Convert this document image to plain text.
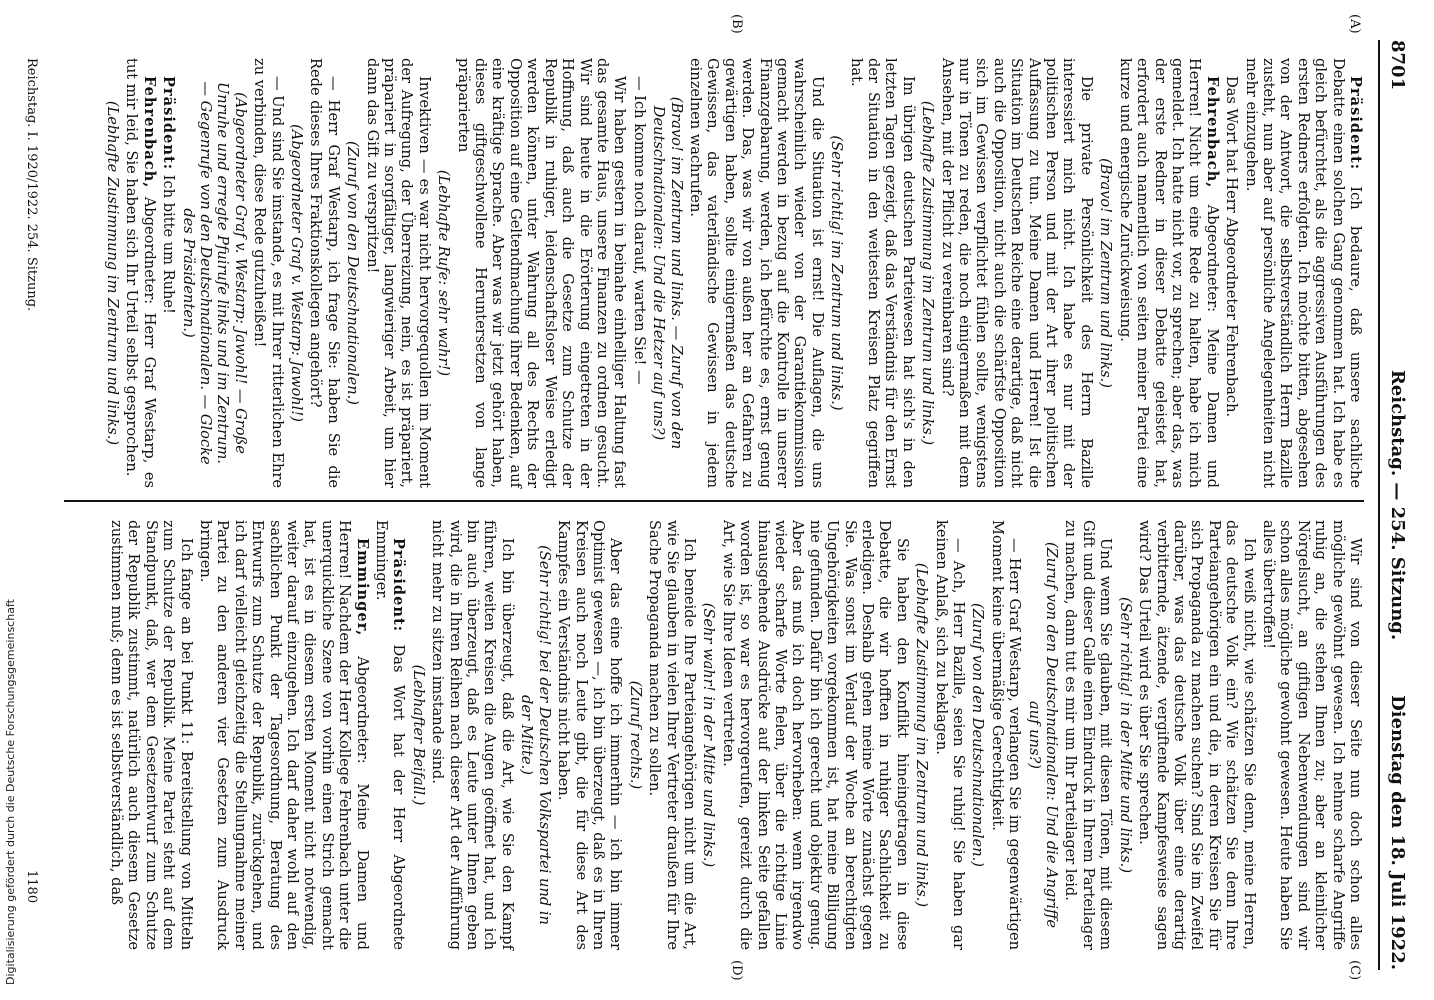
8701
Reichstag. — 254. Sitzung.
Dienstag den 18. Juli 1922.
(A)
(B)
(C)
(D)

Präsident: Ich bedaure, daß unsere sachliche Debatte einen solchen Gang genommen hat. Ich habe es gleich befürchtet, als die aggressiven Ausführungen des ersten Redners erfolgten. Ich möchte bitten, abgesehen von der Antwort, die selbstverständlich Herrn Bazille zusteht, nun aber auf persönliche Angelegenheiten nicht mehr einzugehen.

Das Wort hat Herr Abgeordneter Fehrenbach.

Fehrenbach, Abgeordneter: Meine Damen und Herren! Nicht um eine Rede zu halten, habe ich mich gemeldet. Ich hatte nicht vor, zu sprechen; aber das, was der erste Redner in dieser Debatte geleistet hat, erfordert auch namentlich von seiten meiner Partei eine kurze und energische Zurückweisung.

(Bravo! im Zentrum und links.)

Die private Persönlichkeit des Herrn Bazille interessiert mich nicht. Ich habe es nur mit der politischen Person und mit der Art ihrer politischen Auffassung zu tun. Meine Damen und Herren! Ist die Situation im Deutschen Reiche eine derartige, daß nicht auch die Opposition, nicht auch die schärfste Opposition sich im Gewissen verpflichtet fühlen sollte, wenigstens nur in Tönen zu reden, die noch einigermaßen mit dem Ansehen, mit der Pflicht zu vereinbaren sind?

(Lebhafte Zustimmung im Zentrum und links.)

Im übrigen deutschen Parteiwesen hat sich's in den letzten Tagen gezeigt, daß das Verständnis für den Ernst der Situation in den weitesten Kreisen Platz gegriffen hat.

(Sehr richtig! im Zentrum und links.)

Und die Situation ist ernst! Die Auflagen, die uns wahrscheinlich wieder von der Garantiekommission gemacht werden in bezug auf die Kontrolle in unserer Finanzgebarung, werden, ich befürchte es, ernst genug werden. Das, was wir von außen her an Gefahren zu gewärtigen haben, sollte einigermaßen das deutsche Gewissen, das vaterländische Gewissen in jedem einzelnen wachrufen.

(Bravo! im Zentrum und links. — Zuruf von den Deutschnationalen: Und die Hetzer auf uns?)

— Ich komme noch darauf, warten Sie! —

Wir haben gestern in beinahe einhelliger Haltung fast das gesamte Haus, unsere Finanzen zu ordnen gesucht. Wir sind heute in die Erörterung eingetreten in der Hoffnung, daß auch die Gesetze zum Schutze der Republik in ruhiger, leidenschaftsloser Weise erledigt werden können, unter Wahrung all des Rechts der Opposition auf eine Geltendmachung ihrer Bedenken, auf eine kräftige Sprache. Aber was wir jetzt gehört haben, dieses giftgeschwollene Heruntersetzen von lange präparierten

(Lebhafte Rufe: sehr wahr!)

Invektiven — es war nicht hervorgequollen im Moment der Aufregung, der Überreizung, nein, es ist präpariert, präpariert in sorgfältiger, langwieriger Arbeit, um hier dann das Gift zu verspritzen!

(Zuruf von den Deutschnationalen.)

— Herr Graf Westarp, ich frage Sie: haben Sie die Rede dieses Ihres Fraktionskollegen angehört?

(Abgeordneter Graf v. Westarp: Jawohl!)

— Und sind Sie imstande, es mit Ihrer ritterlichen Ehre zu verbinden, diese Rede gutzuheißen!

(Abgeordneter Graf v. Westarp: Jawohl! — Große Unruhe und erregte Pfuirufe links und im Zentrum. — Gegenrufe von den Deutschnationalen. — Glocke des Präsidenten.)

Präsident: Ich bitte um Ruhe!

Fehrenbach, Abgeordneter: Herr Graf Westarp, es tut mir leid, Sie haben sich Ihr Urteil selbst gesprochen.

(Lebhafte Zustimmung im Zentrum und links.)

Wir sind von dieser Seite nun doch schon alles mögliche gewöhnt gewesen. Ich nehme scharfe Angriffe ruhig an, die stehen Ihnen zu; aber an kleinlicher Nörgelsucht, an giftigen Nebenwendungen sind wir schon alles mögliche gewohnt gewesen. Heute haben Sie alles übertroffen!

Ich weiß nicht, wie schätzen Sie denn, meine Herren, das deutsche Volk ein? Wie schätzen Sie denn Ihre Parteiangehörigen ein und die, in deren Kreisen Sie für sich Propaganda zu machen suchen? Sind Sie im Zweifel darüber, was das deutsche Volk über eine derartig verbitternde, ätzende, vergiftende Kampfesweise sagen wird? Das Urteil wird es über Sie sprechen.

(Sehr richtig! in der Mitte und links.)

Und wenn Sie glauben, mit diesen Tönen, mit diesem Gift und dieser Galle einen Eindruck in Ihrem Parteilager zu machen, dann tut es mir um Ihr Parteilager leid.

(Zuruf von den Deutschnationalen: Und die Angriffe auf uns?)

— Herr Graf Westarp, verlangen Sie im gegenwärtigen Moment keine übermäßige Gerechtigkeit.

(Zuruf von den Deutschnationalen.)

— Ach, Herr Bazille, seien Sie ruhig! Sie haben gar keinen Anlaß, sich zu beklagen.

(Lebhafte Zustimmung im Zentrum und links.)

Sie haben den Konflikt hineingetragen in diese Debatte, die wir hofften in ruhiger Sachlichkeit zu erledigen. Deshalb gehen meine Worte zunächst gegen Sie. Was sonst im Verlauf der Woche an berechtigten Ungehörigkeiten vorgekommen ist, hat meine Billigung nie gefunden. Dafür bin ich gerecht und objektiv genug. Aber das muß ich doch hervorheben: wenn irgendwo wieder scharfe Worte fielen, über die richtige Linie hinausgehende Ausdrücke auf der linken Seite gefallen worden ist, so war es hervorgerufen, gereizt durch die Art, wie Sie Ihre Ideen vertreten.

(Sehr wahr! in der Mitte und links.)

Ich beneide Ihre Parteiangehörigen nicht um die Art, wie Sie glauben in vielen Ihrer Vertreter draußen für Ihre Sache Propaganda machen zu sollen.

(Zuruf rechts.)

Aber das eine hoffe ich immerhin — ich bin immer Optimist gewesen —, ich bin überzeugt, daß es in Ihren Kreisen auch noch Leute gibt, die für diese Art des Kampfes ein Verständnis nicht haben.

(Sehr richtig! bei der Deutschen Volkspartei und in der Mitte.)

Ich bin überzeugt, daß die Art, wie Sie den Kampf führen, weiten Kreisen die Augen geöffnet hat, und ich bin auch überzeugt, daß es Leute unter Ihnen geben wird, die in Ihren Reihen nach dieser Art der Aufführung nicht mehr zu sitzen imstande sind.

(Lebhafter Beifall.)

Präsident: Das Wort hat der Herr Abgeordnete Emminger.

Emminger, Abgeordneter: Meine Damen und Herren! Nachdem der Herr Kollege Fehrenbach unter die unerquickliche Szene von vorhin einen Strich gemacht hat, ist es in diesem ersten Moment nicht notwendig, weiter darauf einzugehen. Ich darf daher wohl auf den sachlichen Punkt der Tagesordnung, Beratung des Entwurfs zum Schutze der Republik, zurückgehen, und ich darf vielleicht gleichzeitig die Stellungnahme meiner Partei zu den anderen vier Gesetzen zum Ausdruck bringen.

Ich fange an bei Punkt 11: Bereitstellung von Mitteln zum Schutze der Republik. Meine Partei steht auf dem Standpunkt, daß, wer dem Gesetzentwurf zum Schutze der Republik zustimmt, natürlich auch diesem Gesetze zustimmen muß; denn es ist selbstverständlich, daß

Reichstag. I. 1920/1922. 254. Sitzung.
1180
Digitalisierung gefördert durch die Deutsche Forschungsgemeinschaft
